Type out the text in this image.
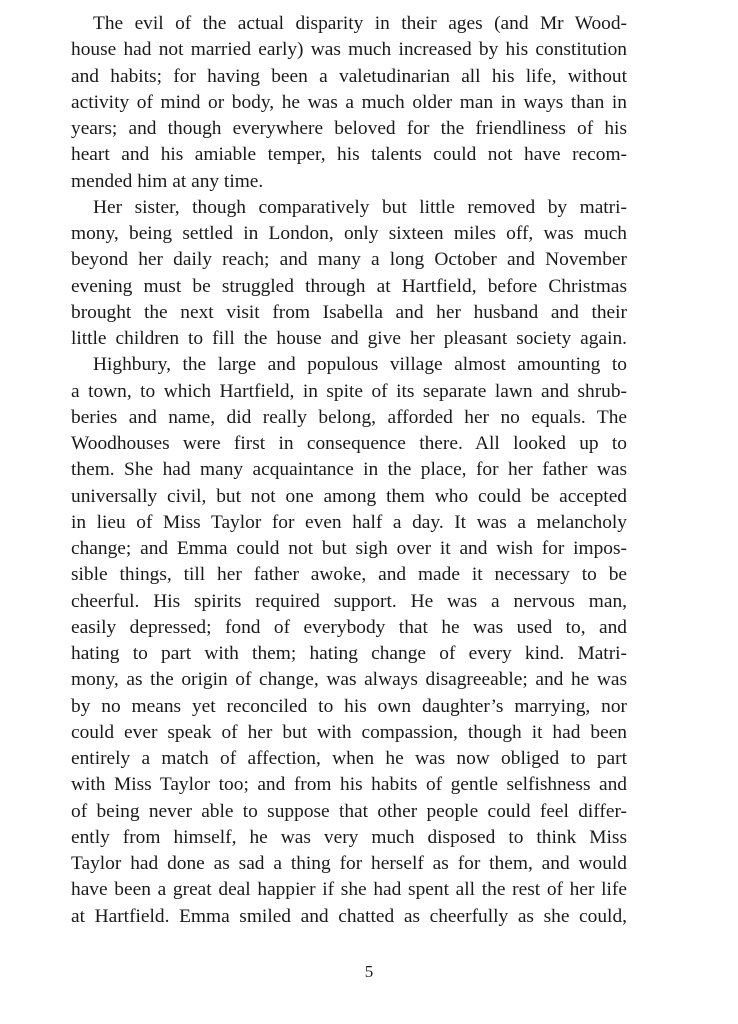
The evil of the actual disparity in their ages (and Mr Wood-
house had not married early) was much increased by his constitution
and habits; for having been a valetudinarian all his life, without
activity of mind or body, he was a much older man in ways than in
years; and though everywhere beloved for the friendliness of his
heart and his amiable temper, his talents could not have recom-
mended him at any time.
Her sister, though comparatively but little removed by matri-
mony, being settled in London, only sixteen miles off, was much
beyond her daily reach; and many a long October and November
evening must be struggled through at Hartfield, before Christmas
brought the next visit from Isabella and her husband and their
little children to fill the house and give her pleasant society again.
Highbury, the large and populous village almost amounting to
a town, to which Hartfield, in spite of its separate lawn and shrub-
beries and name, did really belong, afforded her no equals. The
Woodhouses were first in consequence there. All looked up to
them. She had many acquaintance in the place, for her father was
universally civil, but not one among them who could be accepted
in lieu of Miss Taylor for even half a day. It was a melancholy
change; and Emma could not but sigh over it and wish for impos-
sible things, till her father awoke, and made it necessary to be
cheerful. His spirits required support. He was a nervous man,
easily depressed; fond of everybody that he was used to, and
hating to part with them; hating change of every kind. Matri-
mony, as the origin of change, was always disagreeable; and he was
by no means yet reconciled to his own daughter’s marrying, nor
could ever speak of her but with compassion, though it had been
entirely a match of affection, when he was now obliged to part
with Miss Taylor too; and from his habits of gentle selfishness and
of being never able to suppose that other people could feel differ-
ently from himself, he was very much disposed to think Miss
Taylor had done as sad a thing for herself as for them, and would
have been a great deal happier if she had spent all the rest of her life
at Hartfield. Emma smiled and chatted as cheerfully as she could,
5
